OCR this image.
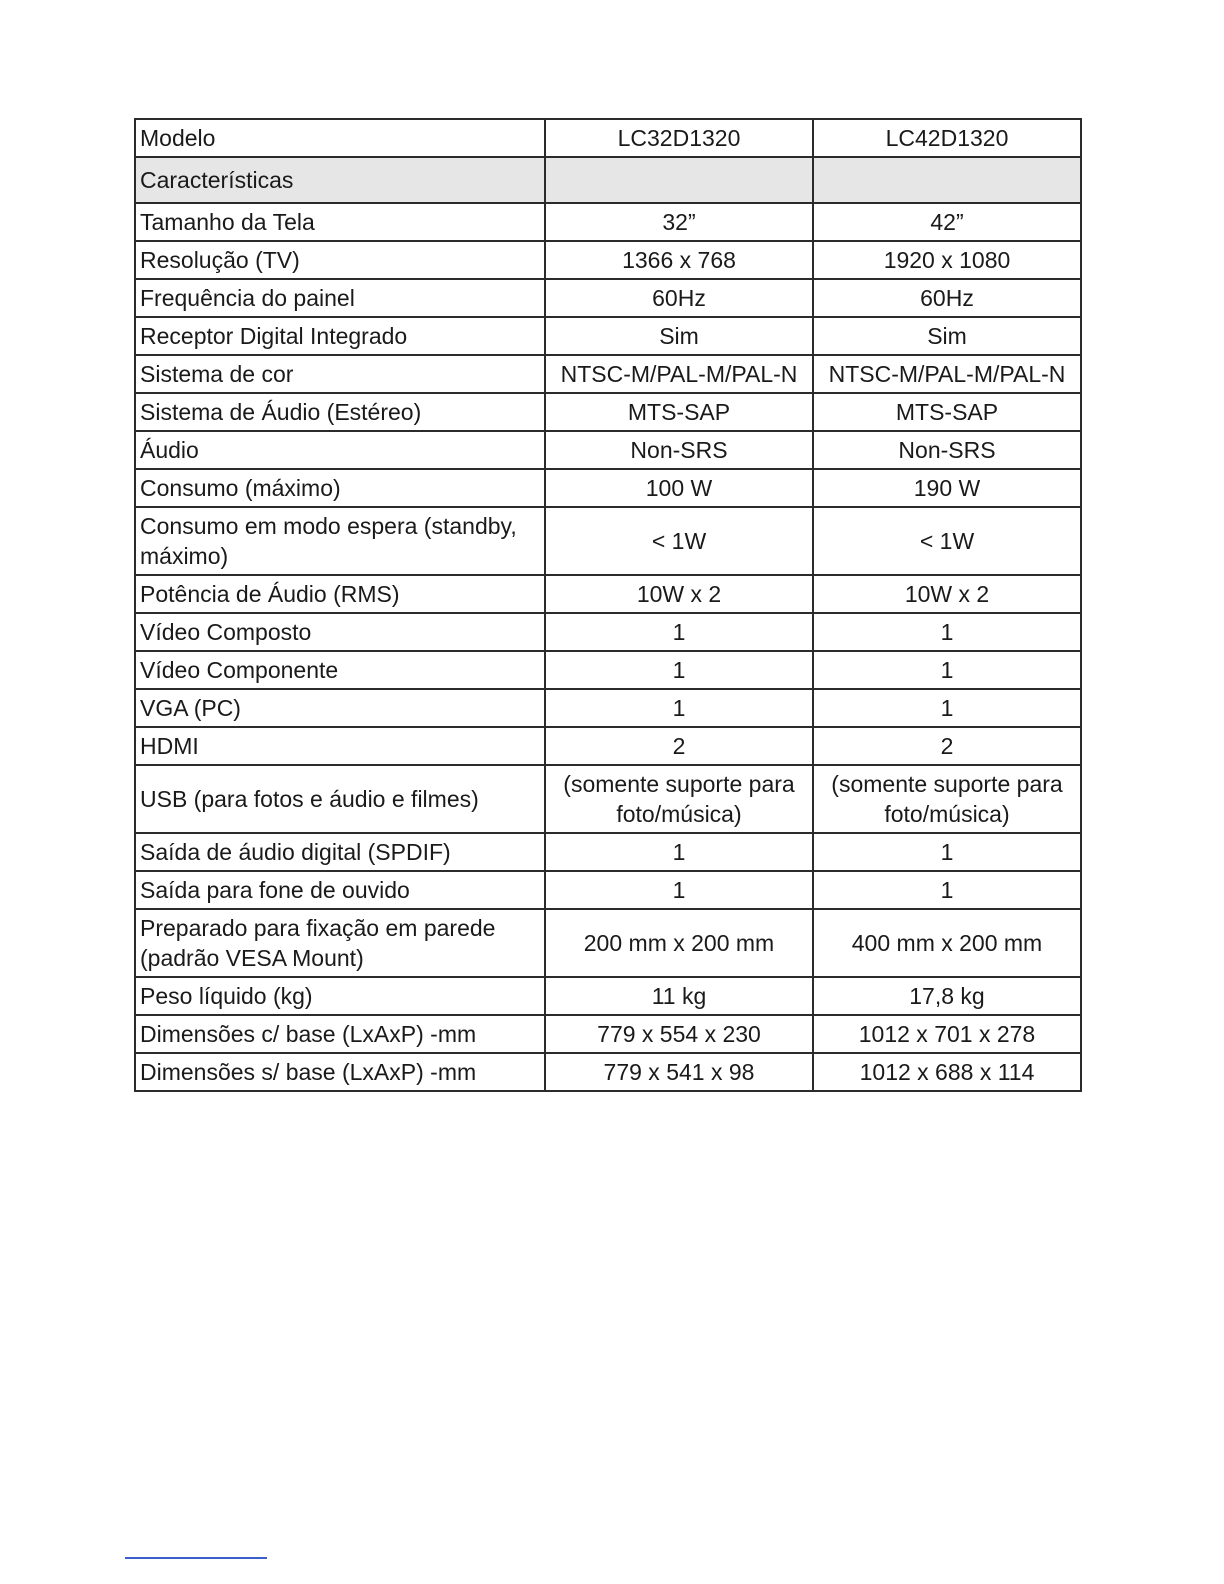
Modelo	LC32D1320	LC42D1320
Características		
Tamanho da Tela	32”	42”
Resolução (TV)	1366 x 768	1920 x 1080
Frequência do painel	60Hz	60Hz
Receptor Digital Integrado	Sim	Sim
Sistema de cor	NTSC-M/PAL-M/PAL-N	NTSC-M/PAL-M/PAL-N
Sistema de Áudio (Estéreo)	MTS-SAP	MTS-SAP
Áudio	Non-SRS	Non-SRS
Consumo (máximo)	100 W	190 W
Consumo em modo espera (standby, máximo)	< 1W	< 1W
Potência de Áudio (RMS)	10W x 2	10W x 2
Vídeo Composto	1	1
Vídeo Componente	1	1
VGA (PC)	1	1
HDMI	2	2
USB (para fotos e áudio e filmes)	(somente suporte para foto/música)	(somente suporte para foto/música)
Saída de áudio digital (SPDIF)	1	1
Saída para fone de ouvido	1	1
Preparado para fixação em parede (padrão VESA Mount)	200 mm x 200 mm	400 mm x 200 mm
Peso líquido (kg)	11 kg	17,8 kg
Dimensões c/ base (LxAxP) -mm	779 x 554 x 230	1012 x 701 x 278
Dimensões s/ base (LxAxP) -mm	779 x 541 x 98	1012 x 688 x 114
